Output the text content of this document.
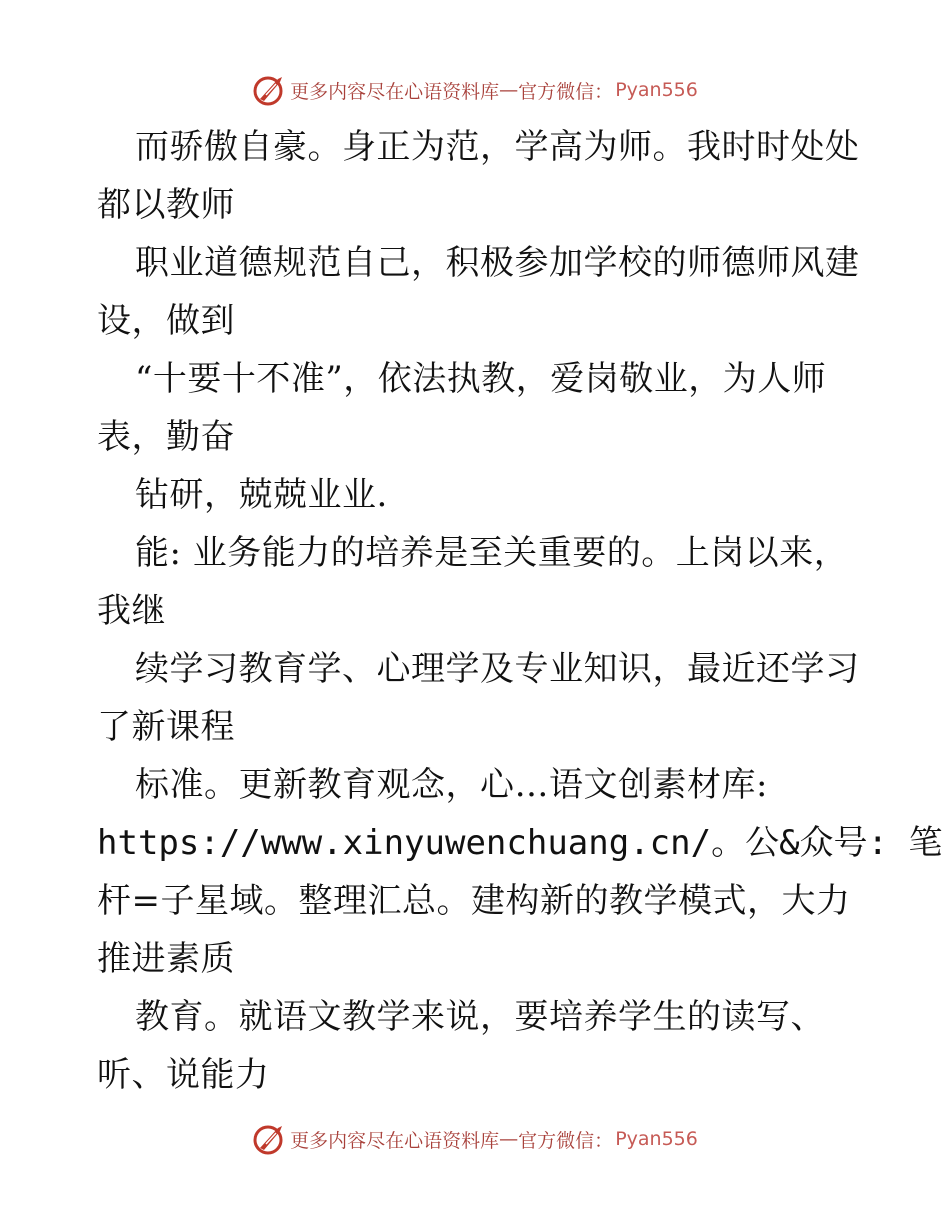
更多内容尽在心语资料库 — 官方微信： Pyan556
而骄傲自豪。身正为范，学高为师。我时时处处
都以教师
职业道德规范自己，积极参加学校的师德师风建
设，做到
“十要十不准”，依法执教，爱岗敬业，为人师
表，勤奋
钻研，兢兢业业.
能: 业务能力的培养是至关重要的。上岗以来，
我继
续学习教育学、心理学及专业知识，最近还学习
了新课程
标准。更新教育观念，心…语文创素材库:
https://www.xinyuwenchuang.cn/。公&众号: 笔
杆=子星域。整理汇总。建构新的教学模式，大力
推进素质
教育。就语文教学来说，要培养学生的读写、
听、说能力
更多内容尽在心语资料库 — 官方微信： Pyan556
